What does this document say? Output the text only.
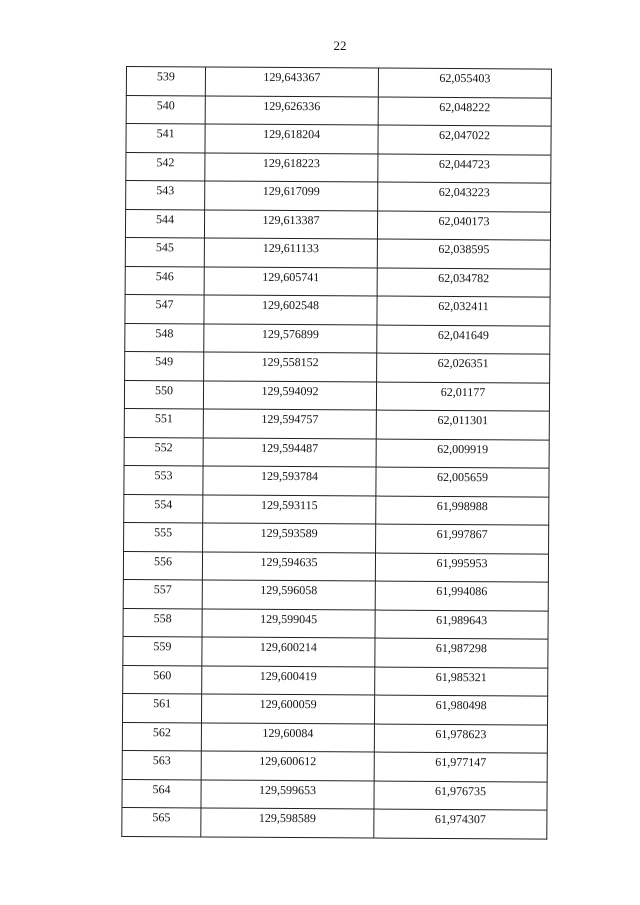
22
539	129,643367	62,055403

540	129,626336	62,048222

541	129,618204	62,047022

542	129,618223	62,044723

543	129,617099	62,043223

544	129,613387	62,040173

545	129,611133	62,038595

546	129,605741	62,034782

547	129,602548	62,032411

548	129,576899	62,041649

549	129,558152	62,026351

550	129,594092	62,01177

551	129,594757	62,011301

552	129,594487	62,009919

553	129,593784	62,005659

554	129,593115	61,998988

555	129,593589	61,997867

556	129,594635	61,995953

557	129,596058	61,994086

558	129,599045	61,989643

559	129,600214	61,987298

560	129,600419	61,985321

561	129,600059	61,980498

562	129,60084	61,978623

563	129,600612	61,977147

564	129,599653	61,976735

565	129,598589	61,974307
